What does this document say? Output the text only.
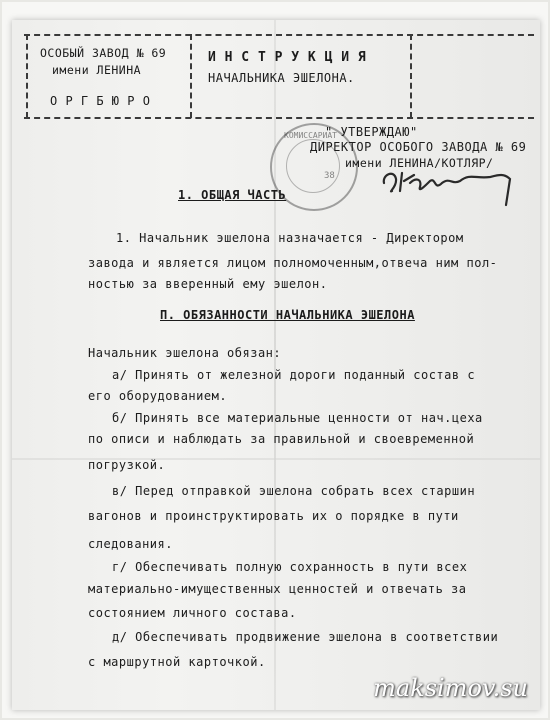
ОСОБЫЙ ЗАВОД № 69
имени ЛЕНИНА
О Р Г Б Ю Р О
И Н С Т Р У К Ц И Я
НАЧАЛЬНИКА ЭШЕЛОНА.
КОМИССАРИАТ
38
" УТВЕРЖДАЮ"
ДИРЕКТОР ОСОБОГО ЗАВОДА № 69
имени ЛЕНИНА/КОТЛЯР/
1. ОБЩАЯ ЧАСТЬ
1. Начальник эшелона назначается - Директором
завода и является лицом полномоченным,отвеча ним пол-
ностью за вверенный ему эшелон.
П. ОБЯЗАННОСТИ НАЧАЛЬНИКА ЭШЕЛОНА
Начальник эшелона обязан:
а/ Принять от железной дороги поданный состав с
его оборудованием.
б/ Принять все материальные ценности от нач.цеха
по описи и наблюдать за правильной и своевременной
погрузкой.
в/ Перед отправкой эшелона собрать всех старшин
вагонов и проинструктировать их о порядке в пути
следования.
г/ Обеспечивать полную сохранность в пути всех
материально-имущественных ценностей и отвечать за
состоянием личного состава.
д/ Обеспечивать продвижение эшелона в соответствии
с маршрутной карточкой.
maksimov.su
